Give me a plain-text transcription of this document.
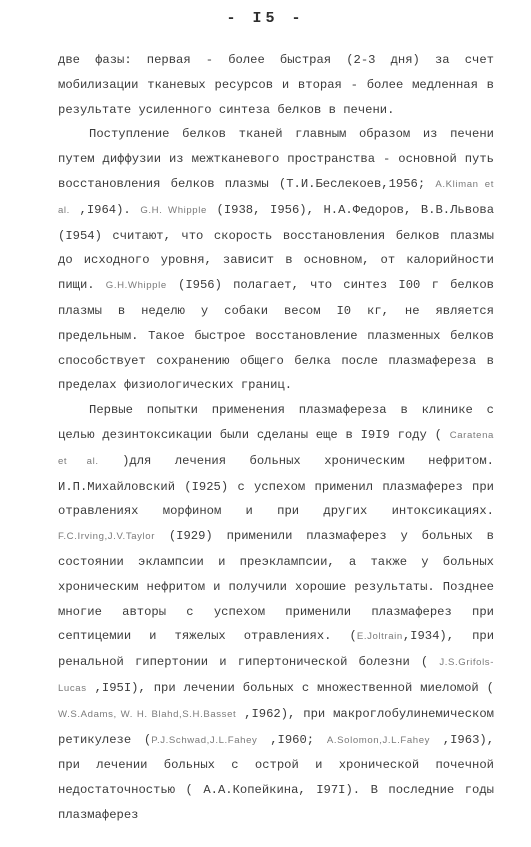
- I5 -

две фазы: первая - более быстрая (2-3 дня) за счет мобилизации тканевых ресурсов и вторая - более медленная в результате усиленного синтеза белков в печени.

Поступление белков тканей главным образом из печени путем диффузии из межтканевого пространства - основной путь восстановления белков плазмы (Т.И.Беслекоев,1956; A.Kliman et al. ,I964). G.H. Whipple (I938, I956), Н.А.Федоров, В.В.Львова (I954) считают, что скорость восстановления белков плазмы до исходного уровня, зависит в основном, от калорийности пищи. G.H.Whipple (I956) полагает, что синтез I00 г белков плазмы в неделю у собаки весом I0 кг, не является предельным. Такое быстрое восстановление плазменных белков способствует сохранению общего белка после плазмафереза в пределах физиологических границ.

Первые попытки применения плазмафереза в клинике с целью дезинтоксикации были сделаны еще в I9I9 году ( Caratena et al. )для лечения больных хроническим нефритом. И.П.Михайловский (I925) с успехом применил плазмаферез при отравлениях морфином и при других интоксикациях. F.C.Irving,J.V.Taylor (I929) применили плазмаферез у больных в состоянии эклампсии и преэклампсии, а также у больных хроническим нефритом и получили хорошие результаты. Позднее многие авторы с успехом применили плазмаферез при септицемии и тяжелых отравлениях. (E.Joltrain,I934), при ренальной гипертонии и гипертонической болезни ( J.S.Grifols-Lucas ,I95I), при лечении больных с множественной миеломой ( W.S.Adams, W. H. Blahd,S.H.Basset ,I962), при макроглобулинемическом ретикулезе (P.J.Schwad,J.L.Fahey ,I960; A.Solomon,J.L.Fahey ,I963), при лечении больных с острой и хронической почечной недостаточностью ( А.А.Копейкина, I97I). В последние годы плазмаферез
